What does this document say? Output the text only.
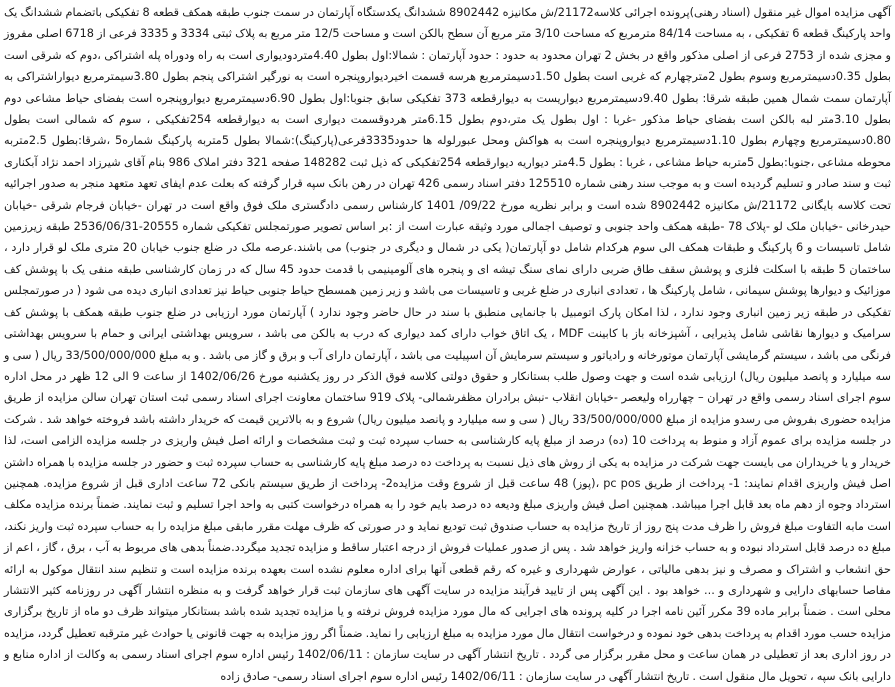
آگهی مزایده اموال غیر منقول (اسناد رهنی)پرونده اجرائی کلاسه21172/ش مکانیزه 8902442 ششدانگ یکدستگاه آپارتمان در سمت جنوب طبقه همکف قطعه 8 تفکیکی باتضمام ششدانگ یک واحد پارکینگ قطعه 6 تفکیکی ، به مساحت 84/14 مترمربع که مساحت 3/10 متر مربع آن سطح بالکن است و مساحت 12/5 متر مربع به پلاک ثبتی 3334 و 3335 فرعی از 6718 اصلی مفروز و مجزی شده از 2753 فرعی از اصلی مذکور واقع در بخش 2 تهران محدود به حدود : حدود آپارتمان : شمالا:اول بطول 4.40متردودیواری است به راه ودوراه پله اشتراکی ،دوم که شرقی است بطول 0.35دسیمترمربع وسوم بطول 2مترچهارم که غربی است بطول 1.50دسیمترمربع هرسه قسمت اخیردیواروپنجره است به نورگیر اشتراکی پنجم بطول 3.80سیمترمربع دیواراشتراکی به آپارتمان سمت شمال همین طبقه شرقا: بطول 9.40دسیمترمربع دیواریست به دیوارقطعه 373 تفکیکی سابق جنوبا:اول بطول 6.90دسیمترمربع دیواروپنجره است بفضای حیاط مشاعی دوم بطول 3.10متر لبه بالکن است بفضای حیاط مذکور -غربا : اول بطول یک متر،دوم بطول 6.15متر هردوقسمت دیواری است به دیوارقطعه 254تفکیکی ، سوم که شمالی است بطول 0.80دسیمترمربع وچهارم بطول 1.10دسیمترمربع دیواروپنجره است به هواکش ومحل عبورلوله ها حدود3335فرعی(پارکینگ):شمالا بطول 5متربه پارکینگ شماره5 ،شرقا:بطول 2.5متربه محوطه مشاعی ،جنوبا:بطول 5متربه حیاط مشاعی ، غربا : بطول 4.5متر دیواریه دیوارقطعه 254تفکیکی که ذیل ثبت 148282 صفحه 321 دفتر املاک 986 بنام آقای شیرزاد احمد نژاد آبکناری ثبت و سند صادر و تسلیم گردیده است و به موجب سند رهنی شماره 125510 دفتر اسناد رسمی 426 تهران در رهن بانک سپه قرار گرفته که بعلت عدم ایفای تعهد متعهد منجر به صدور اجرائیه تحت کلاسه بایگانی 21172/ش مکانیزه 8902442 شده است و برابر نظریه مورخ 09/22/ 1401 کارشناس رسمی دادگستری ملک فوق واقع است در تهران -خیابان فرجام شرقی -خیابان حیدرخانی -خیابان ملک لو -پلاک 78 -طبقه همکف واحد جنوبی و توصیف اجمالی مورد وثیقه عبارت است از :بر اساس تصویر صورتمجلس تفکیکی شماره 20555-2536/06/31 طبقه زیرزمین شامل تاسیسات و 6 پارکینگ و طبقات همکف الی سوم هرکدام شامل دو آپارتمان( یکی در شمال و دیگری در جنوب) می باشند.عرصه ملک در ضلع جنوب خیابان 20 متری ملک لو قرار دارد ، ساختمان 5 طبقه با اسکلت فلزی و پوشش سقف طاق ضربی دارای نمای سنگ تیشه ای و پنجره های آلومینیمی با قدمت حدود 45 سال که در زمان کارشناسی طبقه منفی یک با پوشش کف موزائیک و دیوارها پوشش سیمانی ، شامل پارکینگ ها ، تعدادی انباری در ضلع غربی و تاسیسات می باشد و زیر زمین همسطح حیاط جنوبی حیاط نیز تعدادی انباری دیده می شود ( در صورتمجلس تفکیکی در طبقه زیر زمین انباری وجود ندارد ، لذا امکان پارک اتومبیل با جانمایی منطبق با سند در حال حاضر وجود ندارد ) آپارتمان مورد ارزیابی در ضلع جنوب طبقه همکف با پوشش کف سرامیک و دیوارها نقاشی شامل پذیرایی ، آشپزخانه باز با کابینت MDF ، یک اتاق خواب دارای کمد دیواری که درب به بالکن می باشد ، سرویس بهداشتی ایرانی و حمام با سرویس بهداشتی فرنگی می باشد ، سیستم گرمایشی آپارتمان موتورخانه و رادیاتور و سیستم سرمایش آن اسپیلیت می باشد ، آپارتمان دارای آب و برق و گاز می باشد . و به مبلغ 33/500/000/000 ریال ( سی و سه میلیارد و پانصد میلیون ریال) ارزیابی شده است و جهت وصول طلب بستانکار و حقوق دولتی کلاسه فوق الذکر در روز یکشنبه مورخ 1402/06/26 از ساعت 9 الی 12 ظهر در محل اداره سوم اجرای اسناد رسمی واقع در تهران – چهارراه ولیعصر -خیابان انقلاب -نبش برادران مظفرشمالی- پلاک 919 ساختمان معاونت اجرای اسناد رسمی ثبت استان تهران سالن مزایده از طریق مزایده حضوری بفروش می رسدو مزایده از مبلغ 33/500/000/000 ریال ( سی و سه میلیارد و پانصد میلیون ریال) شروع و به بالاترین قیمت که خریدار داشته باشد فروخته خواهد شد . شرکت در جلسه مزایده برای عموم آزاد و منوط به پرداخت 10 (ده) درصد از مبلغ پایه کارشناسی به حساب سپرده ثبت و ثبت مشخصات و ارائه اصل فیش واریزی در جلسه مزایده الزامی است، لذا خریدار و یا خریداران می بایست جهت شرکت در مزایده به یکی از روش های ذیل نسبت به پرداخت ده درصد مبلغ پایه کارشناسی به حساب سپرده ثبت و حضور در جلسه مزایده با همراه داشتن اصل فیش واریزی اقدام نمایند: 1- پرداخت از طریق pc pos ،(پوز) 48 ساعت قبل از شروع وقت مزایده2- پرداخت از طریق سیستم بانکی 72 ساعت اداری قبل از شروع مزایده. همچنین استرداد وجوه از دهم ماه بعد قابل اجرا میباشد. همچنین اصل فیش واریزی مبلغ ودیعه ده درصد بایم خود را به همراه درخواست کتبی به واحد اجرا تسلیم و ثبت نمایند. ضمناً برنده مزایده مکلف است مابه التفاوت مبلغ فروش را ظرف مدت پنج روز از تاریخ مزایده به حساب صندوق ثبت تودیع نماید و در صورتی که ظرف مهلت مقرر مابقی مبلغ مزایده را به حساب سپرده ثبت واریز نکند، مبلغ ده درصد قابل استرداد نبوده و به حساب خزانه واریز خواهد شد . پس از صدور عملیات فروش از درجه اعتبار ساقط و مزایده تجدید میگردد.ضمناً بدهی های مربوط به آب ، برق ، گاز ، اعم از حق انشعاب و اشتراک و مصرف و نیز بدهی مالیاتی ، عوارض شهرداری و غیره که رقم قطعی آنها برای اداره معلوم نشده است بعهده برنده مزایده است و تنظیم سند انتقال موکول به ارائه مفاصا حسابهای دارایی و شهرداری و ... خواهد بود . این آگهی پس از تایید فرآیند مزایده در سایت آگهی های سازمان ثبت قرار خواهد گرفت و به منظره انتشار آگهی در روزنامه کثیر الانتشار محلی است . ضمناً برابر ماده 39 مکرر آئین نامه اجرا در کلیه پرونده های اجرایی که مال مورد مزایده فروش نرفته و یا مزایده تجدید شده باشد بستانکار میتواند ظرف دو ماه از تاریخ برگزاری مزایده حسب مورد اقدام به پرداخت بدهی خود نموده و درخواست انتقال مال مورد مزایده به مبلغ ارزیابی را نماید. ضمناً اگر روز مزایده به جهت قانونی یا حوادث غیر مترقبه تعطیل گردد، مزایده در روز اداری بعد از تعطیلی در همان ساعت و محل مقرر برگزار می گردد . تاریخ انتشار آگهی در سایت سازمان : 1402/06/11 رئیس اداره سوم اجرای اسناد رسمی به وکالت از اداره منابع و دارایی بانک سپه ، تحویل مال منقول است . تاریخ انتشار آگهی در سایت سازمان : 1402/06/11 رئیس اداره سوم اجرای اسناد رسمی- صادق زاده
